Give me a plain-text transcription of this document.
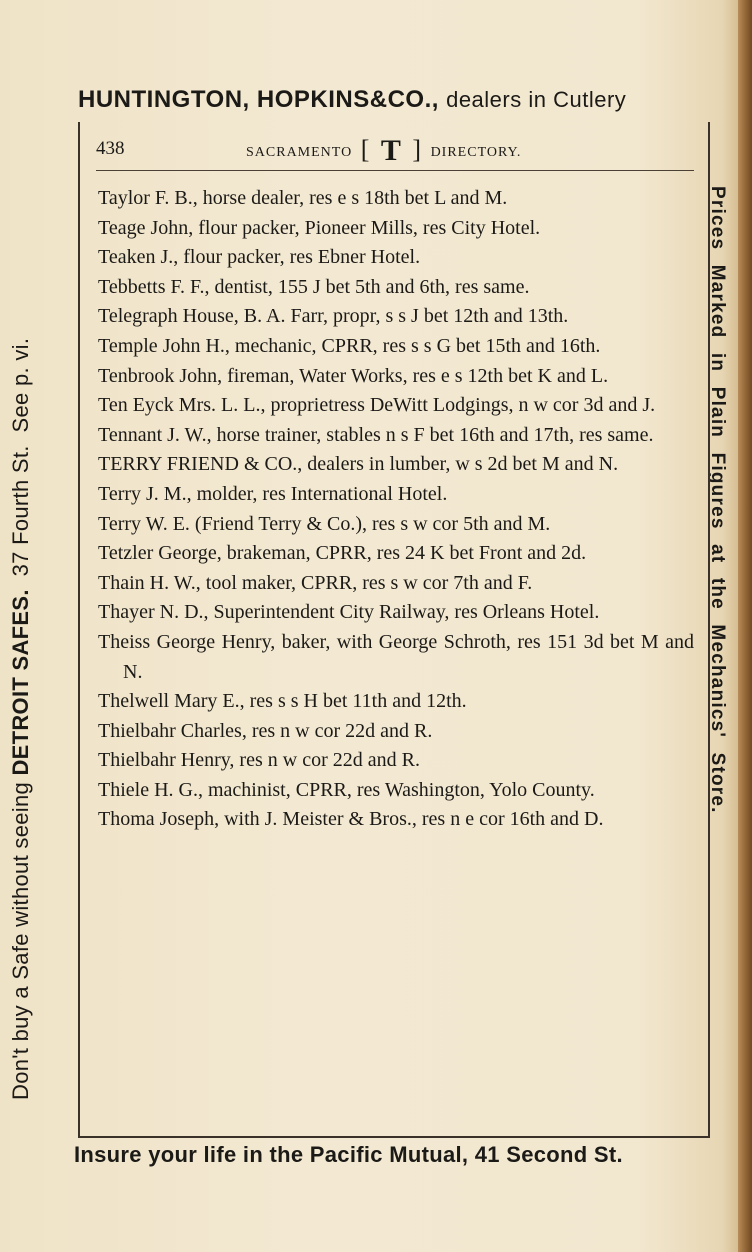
HUNTINGTON, HOPKINS&CO., dealers in Cutlery
Don't buy a Safe without seeing DETROIT SAFES.  37 Fourth St.  See p. vi.	Prices Marked in Plain Figures at the Mechanics' Store.
438	SACRAMENTO [ T ] DIRECTORY.
Taylor F. B., horse dealer, res e s 18th bet L and M.
Teage John, flour packer, Pioneer Mills, res City Hotel.
Teaken J., flour packer, res Ebner Hotel.
Tebbetts F. F., dentist, 155 J bet 5th and 6th, res same.
Telegraph House, B. A. Farr, propr, s s J bet 12th and 13th.
Temple John H., mechanic, CPRR, res s s G bet 15th and 16th.
Tenbrook John, fireman, Water Works, res e s 12th bet K and L.
Ten Eyck Mrs. L. L., proprietress DeWitt Lodgings, n w cor 3d and J.
Tennant J. W., horse trainer, stables n s F bet 16th and 17th, res same.
TERRY FRIEND & CO., dealers in lumber, w s 2d bet M and N.
Terry J. M., molder, res International Hotel.
Terry W. E. (Friend Terry & Co.), res s w cor 5th and M.
Tetzler George, brakeman, CPRR, res 24 K bet Front and 2d.
Thain H. W., tool maker, CPRR, res s w cor 7th and F.
Thayer N. D., Superintendent City Railway, res Orleans Hotel.
Theiss George Henry, baker, with George Schroth, res 151 3d bet M and N.
Thelwell Mary E., res s s H bet 11th and 12th.
Thielbahr Charles, res n w cor 22d and R.
Thielbahr Henry, res n w cor 22d and R.
Thiele H. G., machinist, CPRR, res Washington, Yolo County.
Thoma Joseph, with J. Meister & Bros., res n e cor 16th and D.
Insure your life in the Pacific Mutual, 41 Second St.
